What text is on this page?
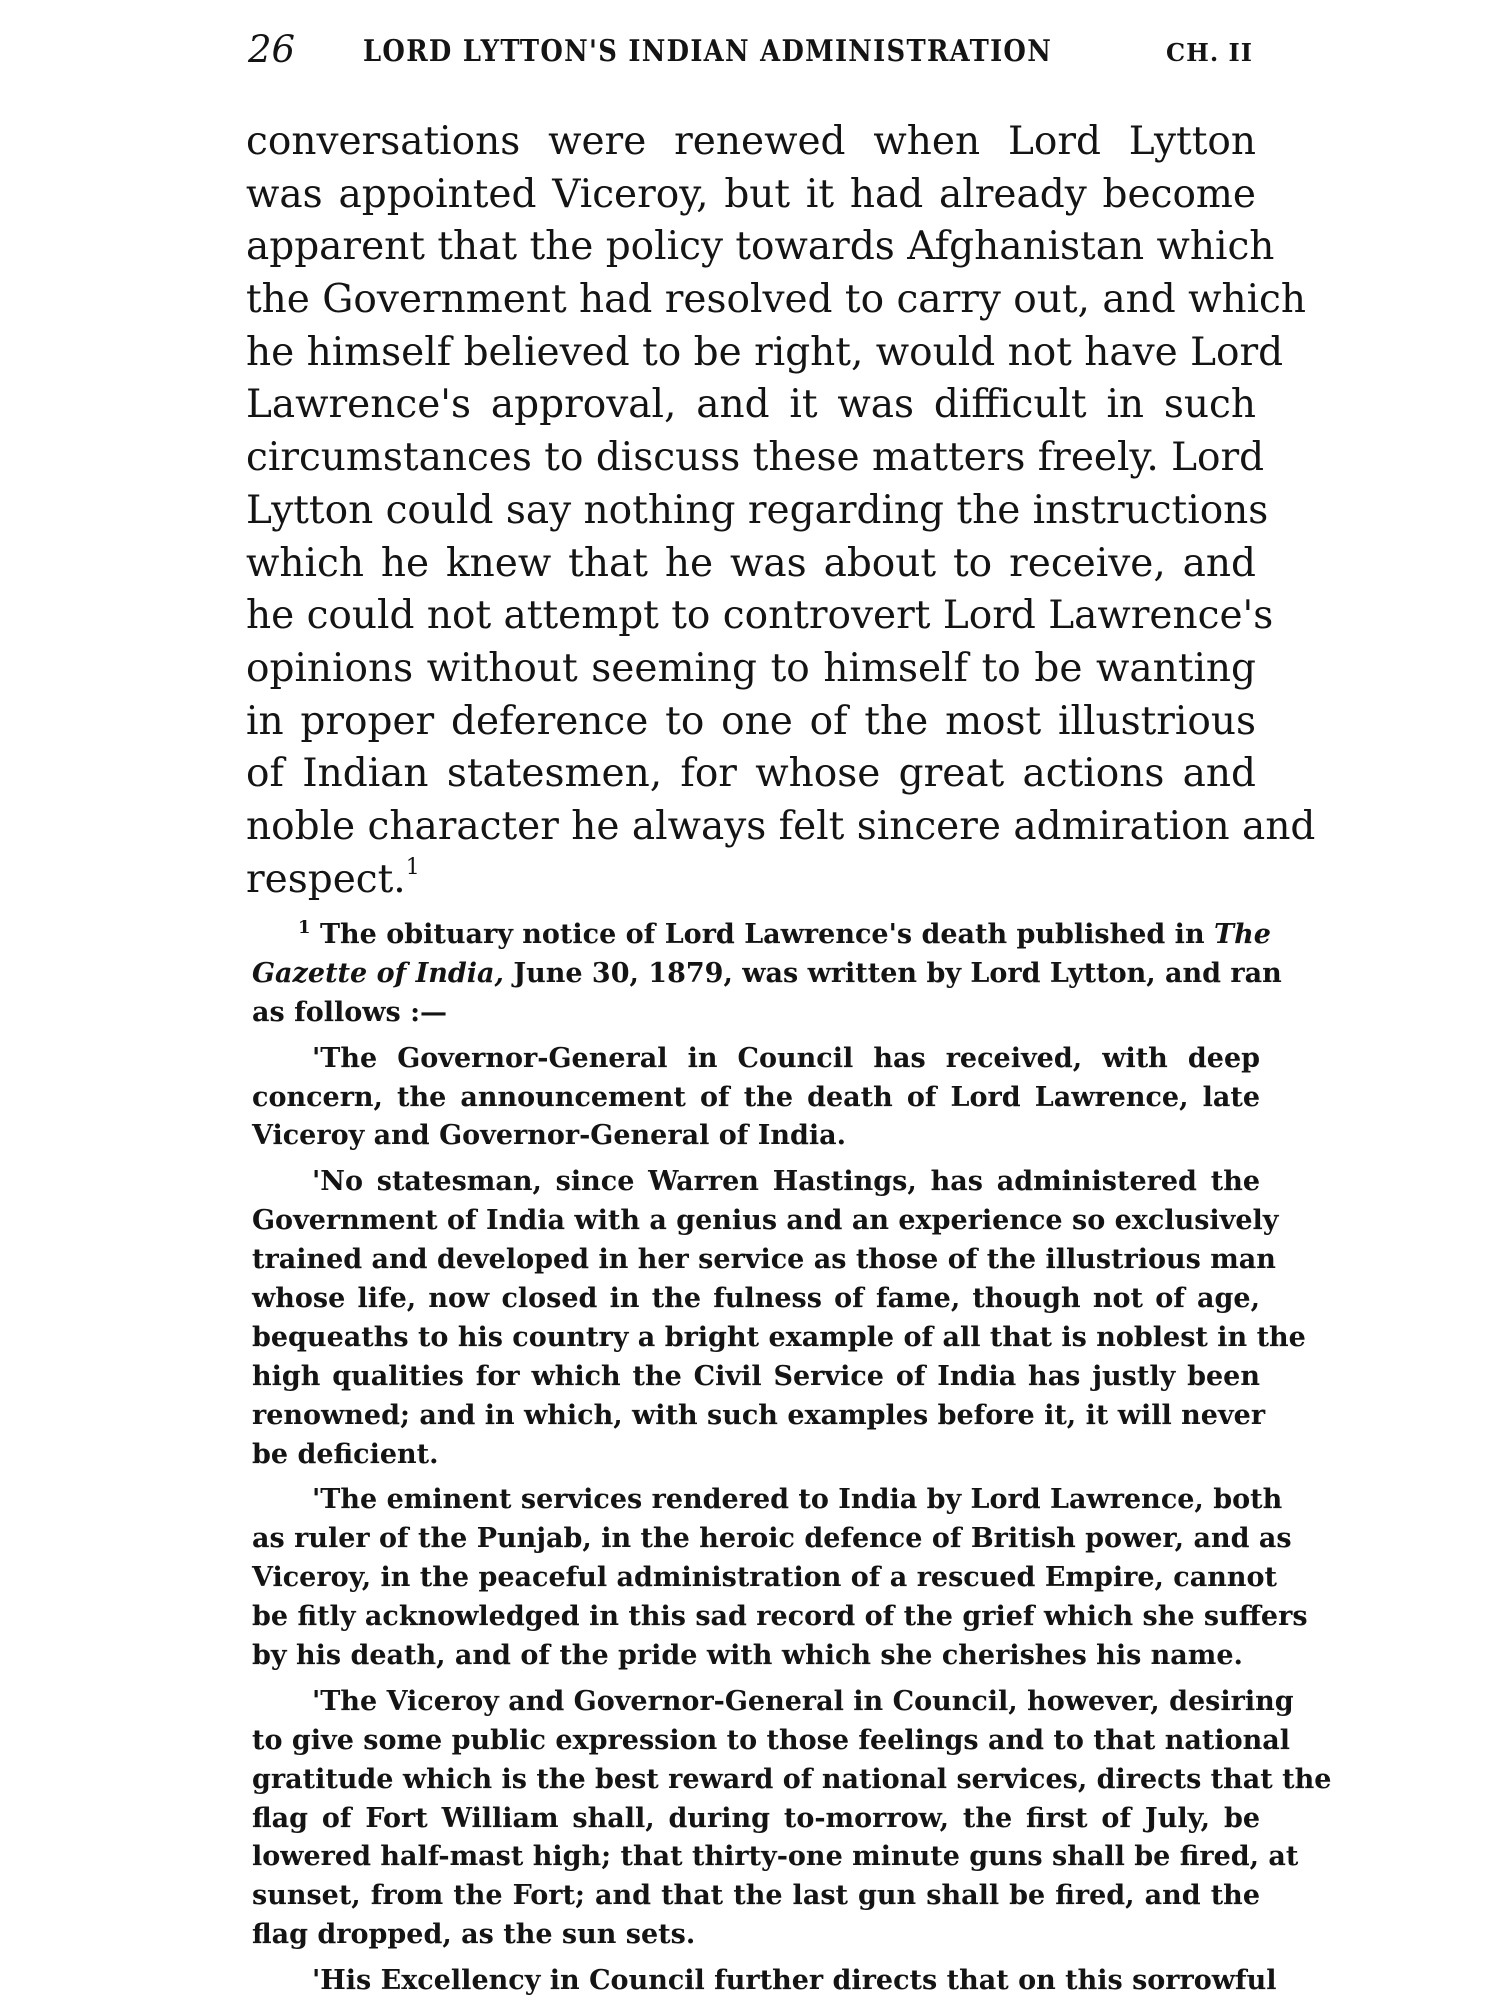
26 LORD LYTTON'S INDIAN ADMINISTRATION	CH. II
conversations were renewed when Lord Lytton
was appointed Viceroy, but it had already become
apparent that the policy towards Afghanistan which
the Government had resolved to carry out, and which
he himself believed to be right, would not have Lord
Lawrence's approval, and it was difficult in such
circumstances to discuss these matters freely. Lord
Lytton could say nothing regarding the instructions
which he knew that he was about to receive, and
he could not attempt to controvert Lord Lawrence's
opinions without seeming to himself to be wanting
in proper deference to one of the most illustrious
of Indian statesmen, for whose great actions and
noble character he always felt sincere admiration and
respect.$^1$
$^1$ The obituary notice of Lord Lawrence's death published in The
Gazette of India, June 30, 1879, was written by Lord Lytton, and ran
as follows :—
'The Governor-General in Council has received, with deep
concern, the announcement of the death of Lord Lawrence, late
Viceroy and Governor-General of India.
'No statesman, since Warren Hastings, has administered the
Government of India with a genius and an experience so exclusively
trained and developed in her service as those of the illustrious man
whose life, now closed in the fulness of fame, though not of age,
bequeaths to his country a bright example of all that is noblest in the
high qualities for which the Civil Service of India has justly been
renowned; and in which, with such examples before it, it will never
be deficient.
'The eminent services rendered to India by Lord Lawrence, both
as ruler of the Punjab, in the heroic defence of British power, and as
Viceroy, in the peaceful administration of a rescued Empire, cannot
be fitly acknowledged in this sad record of the grief which she suffers
by his death, and of the pride with which she cherishes his name.
'The Viceroy and Governor-General in Council, however, desiring
to give some public expression to those feelings and to that national
gratitude which is the best reward of national services, directs that the
flag of Fort William shall, during to-morrow, the first of July, be
lowered half-mast high; that thirty-one minute guns shall be fired, at
sunset, from the Fort; and that the last gun shall be fired, and the
flag dropped, as the sun sets.
'His Excellency in Council further directs that on this sorrowful
